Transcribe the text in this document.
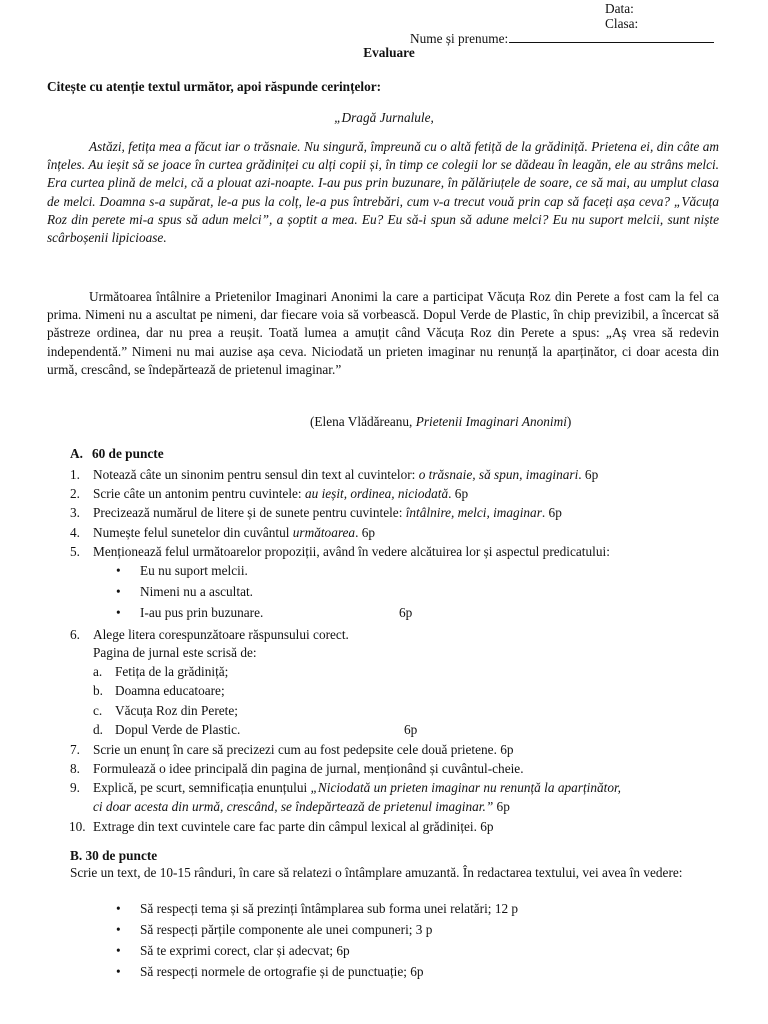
Data:
Clasa:
Nume și prenume:
Evaluare
Citește cu atenție textul următor, apoi răspunde cerințelor:
„Dragă Jurnalule,

Astăzi, fetița mea a făcut iar o trăsnaie. Nu singură, împreună cu o altă fetiță de la grădiniță. Prietena ei, din câte am înțeles. Au ieșit să se joace în curtea grădiniței cu alți copii și, în timp ce colegii lor se dădeau în leagăn, ele au strâns melci. Era curtea plină de melci, că a plouat azi-noapte. I-au pus prin buzunare, în pălăriuțele de soare, ce să mai, au umplut clasa de melci. Doamna s-a supărat, le-a pus la colț, le-a pus întrebări, cum v-a trecut vouă prin cap să faceți așa ceva? „Văcuța Roz din perete mi-a spus să adun melci”, a șoptit a mea. Eu? Eu să-i spun să adune melci? Eu nu suport melcii, sunt niște scârboșenii lipicioase.

Următoarea întâlnire a Prietenilor Imaginari Anonimi la care a participat Văcuța Roz din Perete a fost cam la fel ca prima. Nimeni nu a ascultat pe nimeni, dar fiecare voia să vorbească. Dopul Verde de Plastic, în chip previzibil, a încercat să păstreze ordinea, dar nu prea a reușit. Toată lumea a amuțit când Văcuța Roz din Perete a spus: „Aș vrea să redevin independentă.” Nimeni nu mai auzise așa ceva. Niciodată un prieten imaginar nu renunță la aparținător, ci doar acesta din urmă, crescând, se îndepărtează de prietenul imaginar.”

(Elena Vlădăreanu, Prietenii Imaginari Anonimi)
A. 60 de puncte
1. Notează câte un sinonim pentru sensul din text al cuvintelor: o trăsnaie, să spun, imaginari. 6p
2. Scrie câte un antonim pentru cuvintele: au ieșit, ordinea, niciodată. 6p
3. Precizează numărul de litere și de sunete pentru cuvintele: întâlnire, melci, imaginar. 6p
4. Numește felul sunetelor din cuvântul următoarea. 6p
5. Menționează felul următoarelor propoziții, având în vedere alcătuirea lor și aspectul predicatului:
• Eu nu suport melcii.
• Nimeni nu a ascultat.
• I-au pus prin buzunare.	6p
6. Alege litera corespunzătoare răspunsului corect.
Pagina de jurnal este scrisă de:
a. Fetița de la grădiniță;
b. Doamna educatoare;
c. Văcuța Roz din Perete;
d. Dopul Verde de Plastic.	6p
7. Scrie un enunț în care să precizezi cum au fost pedepsite cele două prietene. 6p
8. Formulează o idee principală din pagina de jurnal, menționând și cuvântul-cheie.
9. Explică, pe scurt, semnificația enunțului „Niciodată un prieten imaginar nu renunță la aparținător,
ci doar acesta din urmă, crescând, se îndepărtează de prietenul imaginar.” 6p
10. Extrage din text cuvintele care fac parte din câmpul lexical al grădiniței. 6p
B. 30 de puncte

Scrie un text, de 10-15 rânduri, în care să relatezi o întâmplare amuzantă. În redactarea textului, vei avea în vedere:

• Să respecți tema și să prezinți întâmplarea sub forma unei relatări; 12 p
• Să respecți părțile componente ale unei compuneri; 3 p
• Să te exprimi corect, clar și adecvat; 6p
• Să respecți normele de ortografie și de punctuație; 6p
